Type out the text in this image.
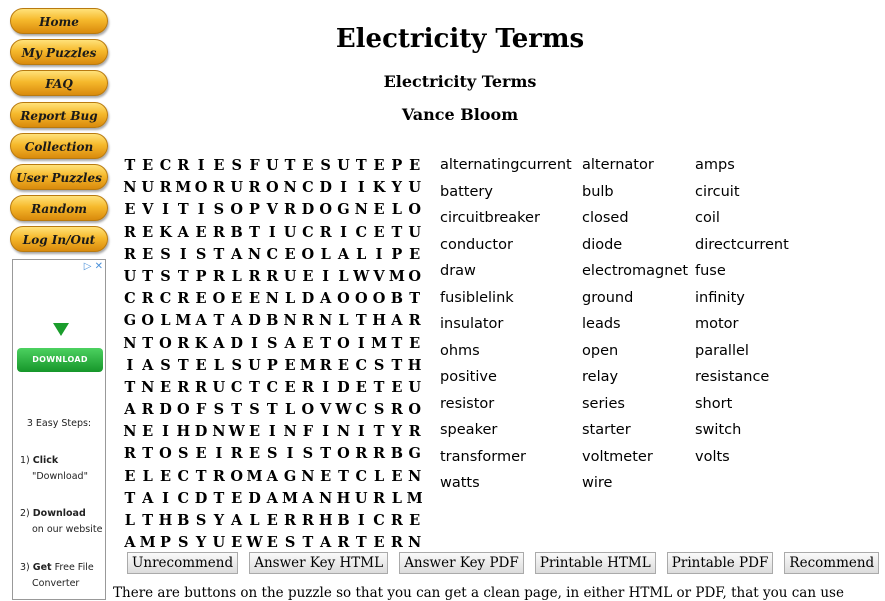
Home
My Puzzles
FAQ
Report Bug
Collection
User Puzzles
Random
Log In/Out
▷ ✕
DOWNLOAD
3 Easy Steps:
1) Click
"Download"
2) Download
on our website
3) Get Free File
Converter
Electricity Terms
Electricity Terms
Vance Bloom
T E C R I E S F U T E S U T E P E
N U R M O R U R O N C D I I K Y U
E V I T I S O P V R D O G N E L O
R E K A E R B T I U C R I C E T U
R E S I S T A N C E O L A L I P E
U T S T P R L R R U E I L W V M O
C R C R E O E E N L D A O O O B T
G O L M A T A D B N R N L T H A R
N T O R K A D I S A E T O I M T E
I A S T E L S U P E M R E C S T H
T N E R R U C T C E R I D E T E U
A R D O F S T S T L O V W C S R O
N E I H D N W E I N F I N I T Y R
R T O S E I R E S I S T O R R B G
E L E C T R O M A G N E T C L E N
T A I C D T E D A M A N H U R L M
L T H B S Y A L E R R H B I C R E
A M P S Y U E W E S T A R T E R N
alternatingcurrent alternator	amps
battery	bulb	circuit
circuitbreaker	closed	coil
conductor	diode	directcurrent
draw	electromagnet fuse
fusiblelink	ground	infinity
insulator	leads	motor
ohms	open	parallel
positive	relay	resistance
resistor	series	short
speaker	starter	switch
transformer	voltmeter	volts
watts	wire
Unrecommend Answer Key HTML Answer Key PDF Printable HTML Printable PDF Recommend
There are buttons on the puzzle so that you can get a clean page, in either HTML or PDF, that you can use
